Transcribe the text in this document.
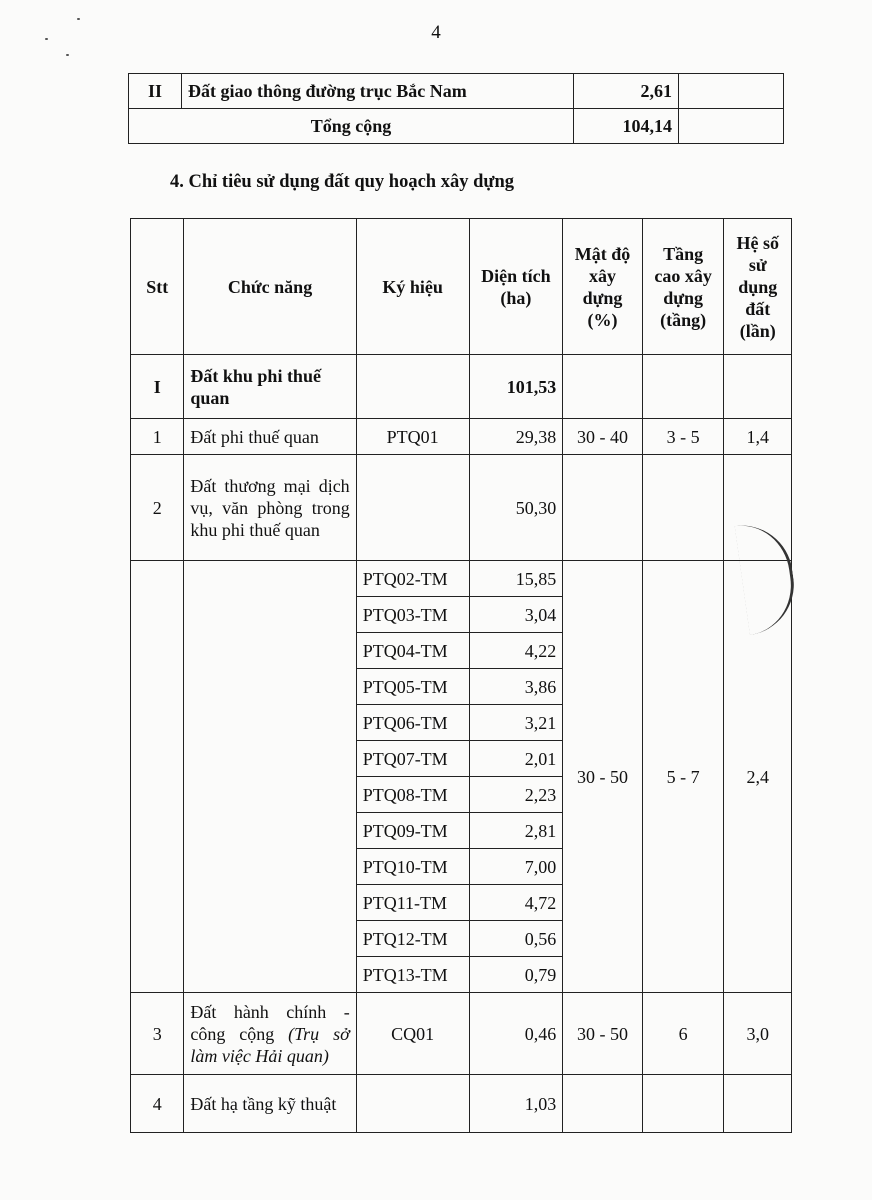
4
II	Đất giao thông đường trục Bắc Nam	2,61	
Tổng cộng		104,14	
4. Chỉ tiêu sử dụng đất quy hoạch xây dựng
Stt	Chức năng	Ký hiệu	Diện tích (ha)	Mật độ xây dựng (%)	Tầng cao xây dựng (tầng)	Hệ số sử dụng đất (lần)
I	Đất khu phi thuế quan		101,53			
1	Đất phi thuế quan	PTQ01	29,38	30 - 40	3 - 5	1,4
2	Đất thương mại dịch vụ, văn phòng trong khu phi thuế quan		50,30			
		PTQ02-TM	15,85	30 - 50	5 - 7	2,4
		PTQ03-TM	3,04			
		PTQ04-TM	4,22			
		PTQ05-TM	3,86			
		PTQ06-TM	3,21			
		PTQ07-TM	2,01			
		PTQ08-TM	2,23			
		PTQ09-TM	2,81			
		PTQ10-TM	7,00			
		PTQ11-TM	4,72			
		PTQ12-TM	0,56			
		PTQ13-TM	0,79			
3	Đất hành chính - công cộng (Trụ sở làm việc Hải quan)	CQ01	0,46	30 - 50	6	3,0
4	Đất hạ tầng kỹ thuật		1,03			
